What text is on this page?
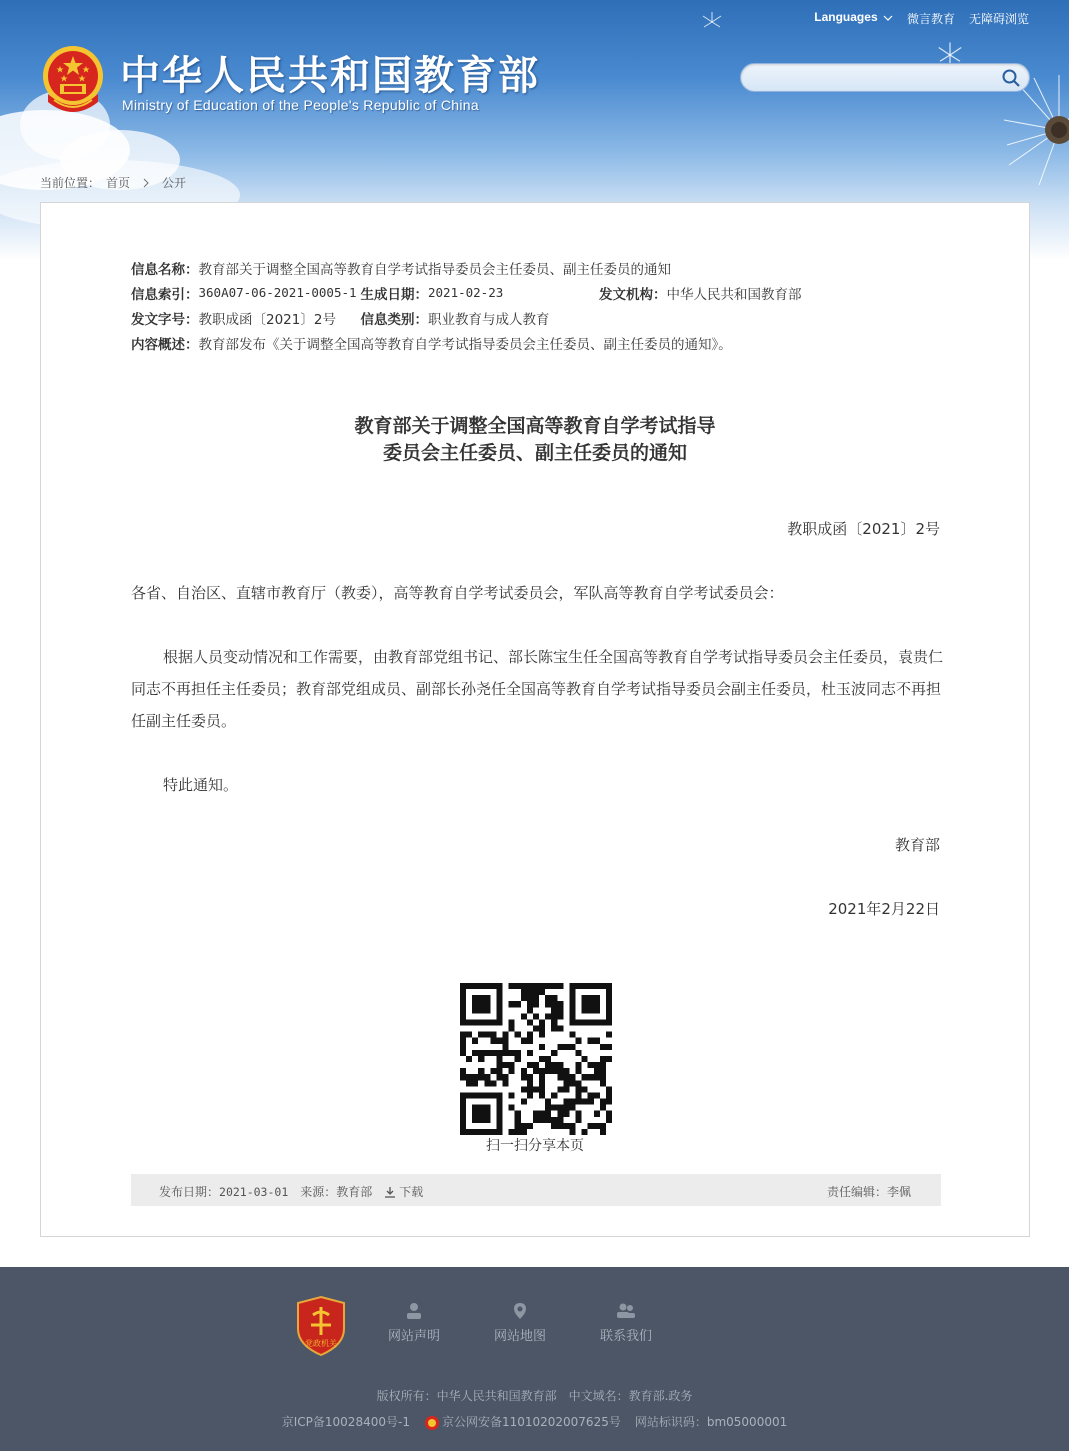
中华人民共和国教育部
Ministry of Education of the People's Republic of China
Languages	微言教育 无障碍浏览
当前位置： 首页	公开
信息名称： 教育部关于调整全国高等教育自学考试指导委员会主任委员、副主任委员的通知
信息索引： 360A07-06-2021-0005-1 生成日期： 2021-02-23	发文机构： 中华人民共和国教育部
发文字号： 教职成函〔2021〕2号	信息类别： 职业教育与成人教育
内容概述： 教育部发布《关于调整全国高等教育自学考试指导委员会主任委员、副主任委员的通知》。
教育部关于调整全国高等教育自学考试指导
委员会主任委员、副主任委员的通知
教职成函〔2021〕2号
各省、自治区、直辖市教育厅（教委），高等教育自学考试委员会，军队高等教育自学考试委员会：
根据人员变动情况和工作需要，由教育部党组书记、部长陈宝生任全国高等教育自学考试指导委员会主任委员，袁贵仁同志不再担任主任委员；教育部党组成员、副部长孙尧任全国高等教育自学考试指导委员会副主任委员，杜玉波同志不再担任副主任委员。
特此通知。
教育部
2021年2月22日
扫一扫分享本页
发布日期：2021-03-01 来源：教育部 下载	责任编辑：李佩
党政机关	网站声明	网站地图	联系我们
版权所有：中华人民共和国教育部　中文域名：教育部.政务
京ICP备10028400号-1	京公网安备11010202007625号 网站标识码：bm05000001
